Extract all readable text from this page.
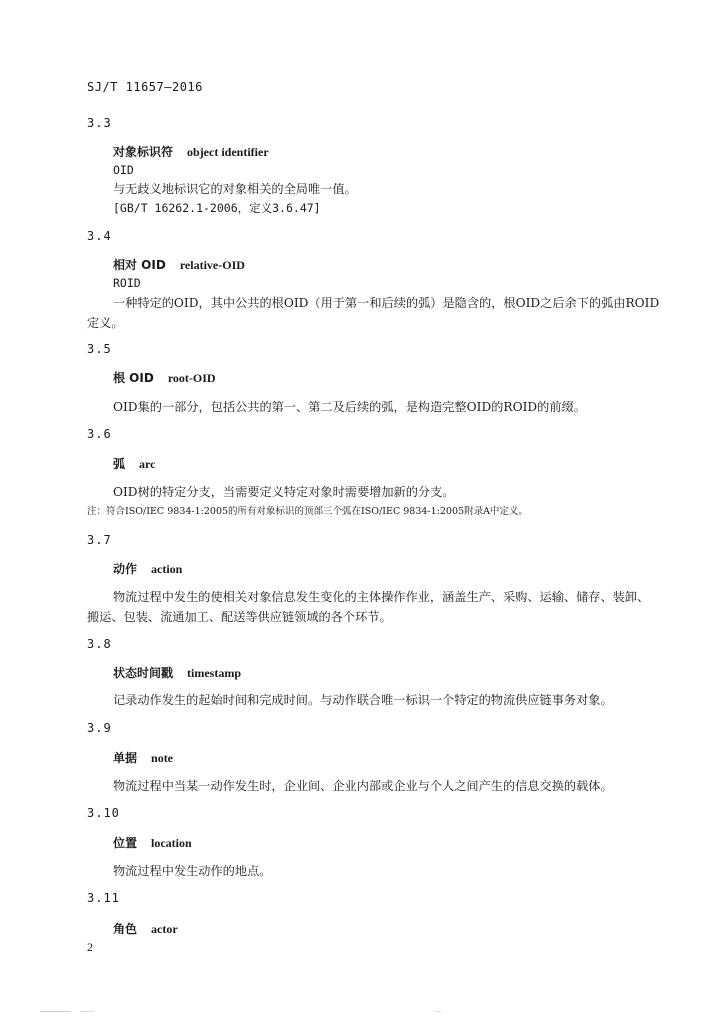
SJ/T 11657—2016
3.3
对象标识符 object identifier
OID
与无歧义地标识它的对象相关的全局唯一值。
[GB/T 16262.1-2006，定义3.6.47]
3.4
相对 OID relative-OID
ROID
一种特定的OID，其中公共的根OID（用于第一和后续的弧）是隐含的，根OID之后余下的弧由ROID
定义。
3.5
根 OID root-OID
OID集的一部分，包括公共的第一、第二及后续的弧，是构造完整OID的ROID的前缀。
3.6
弧 arc
OID树的特定分支，当需要定义特定对象时需要增加新的分支。
注：符合ISO/IEC 9834-1:2005的所有对象标识的顶部三个弧在ISO/IEC 9834-1:2005附录A中定义。
3.7
动作 action
物流过程中发生的使相关对象信息发生变化的主体操作作业，涵盖生产、采购、运输、储存、装卸、
搬运、包装、流通加工、配送等供应链领域的各个环节。
3.8
状态时间戳 timestamp
记录动作发生的起始时间和完成时间。与动作联合唯一标识一个特定的物流供应链事务对象。
3.9
单据 note
物流过程中当某一动作发生时，企业间、企业内部或企业与个人之间产生的信息交换的载体。
3.10
位置 location
物流过程中发生动作的地点。
3.11
角色 actor
2
